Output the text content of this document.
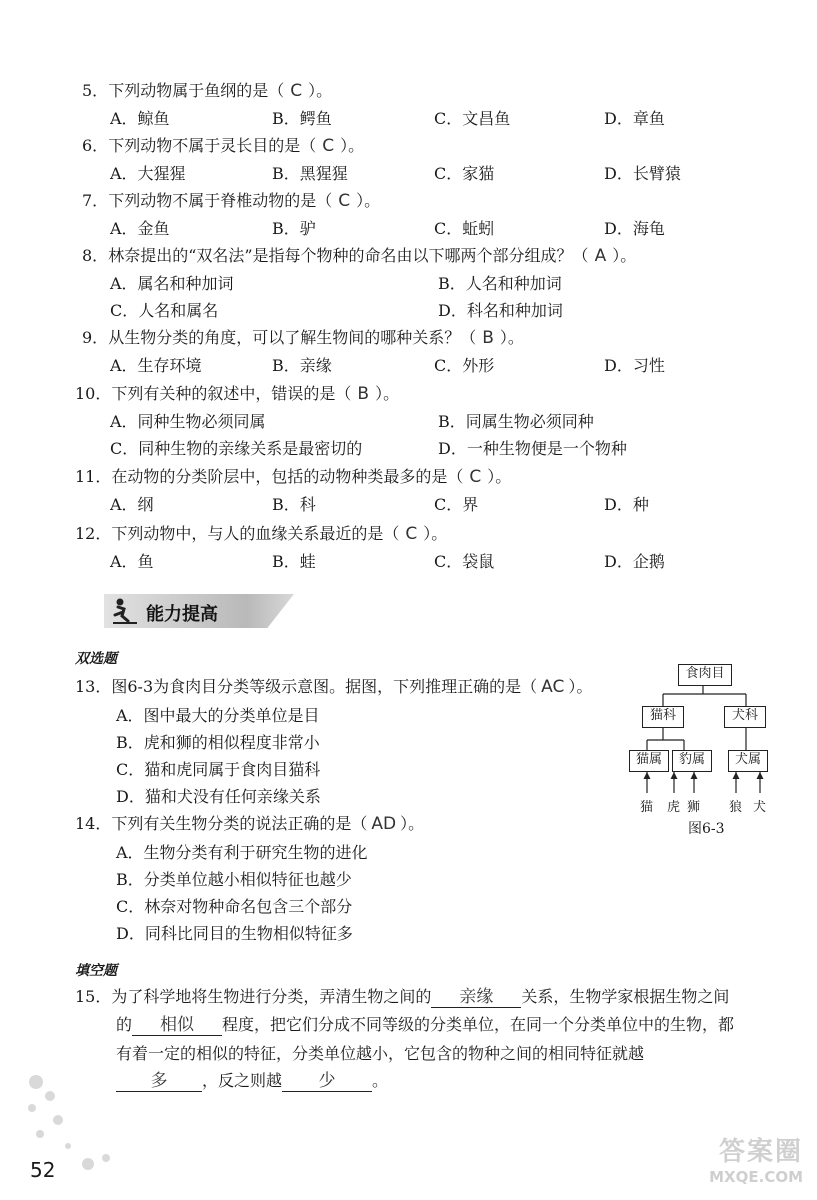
5．下列动物属于鱼纲的是（ C ）。
A．鲸鱼	B．鳄鱼	C．文昌鱼	D．章鱼
6．下列动物不属于灵长目的是（ C ）。
A．大猩猩	B．黑猩猩	C．家猫	D．长臂猿
7．下列动物不属于脊椎动物的是（ C ）。
A．金鱼	B．驴	C．蚯蚓	D．海龟
8．林奈提出的“双名法”是指每个物种的命名由以下哪两个部分组成？（ A ）。
A．属名和种加词	B．人名和种加词
C．人名和属名	D．科名和种加词
9．从生物分类的角度，可以了解生物间的哪种关系？（ B ）。
A．生存环境	B．亲缘	C．外形	D．习性
10．下列有关种的叙述中，错误的是（ B ）。
A．同种生物必须同属	B．同属生物必须同种
C．同种生物的亲缘关系是最密切的	D．一种生物便是一个物种
11．在动物的分类阶层中，包括的动物种类最多的是（ C ）。
A．纲	B．科	C．界	D．种
12．下列动物中，与人的血缘关系最近的是（ C ）。
A．鱼	B．蛙	C．袋鼠	D．企鹅
能力提高
双选题
13．图6-3为食肉目分类等级示意图。据图，下列推理正确的是（ AC ）。
A．图中最大的分类单位是目
B．虎和狮的相似程度非常小
C．猫和虎同属于食肉目猫科
D．猫和犬没有任何亲缘关系
14．下列有关生物分类的说法正确的是（ AD ）。
A．生物分类有利于研究生物的进化
B．分类单位越小相似特征也越少
C．林奈对物种命名包含三个部分
D．同科比同目的生物相似特征多
食肉目
猫科	犬科
猫属	豹属	犬属
猫 虎 狮 狼 犬
图6-3
填空题
15．为了科学地将生物进行分类，弄清生物之间的 亲缘 关系，生物学家根据生物之间
的 相似 程度，把它们分成不同等级的分类单位，在同一个分类单位中的生物，都
有着一定的相似的特征，分类单位越小，它包含的物种之间的相同特征就越
多 ，反之则越 少 。
52
答案圈
MXQE.COM
